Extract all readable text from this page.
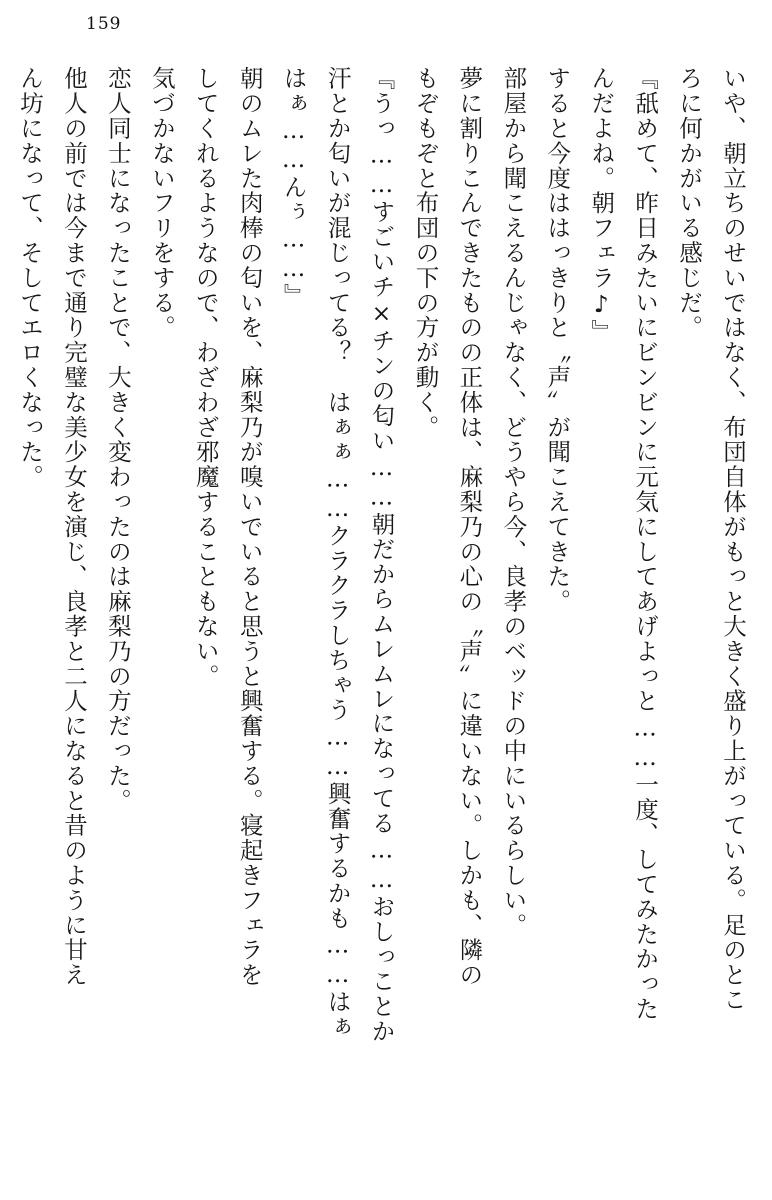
159

いや、朝立ちのせいではなく、布団自体がもっと大きく盛り上がっている。足のとこ

ろに何かがいる感じだ。

『舐めて、昨日みたいにビンビンに元気にしてあげよっと……一度、してみたかった

んだよね。朝フェラ♪』

すると今度ははっきりと〝声〟が聞こえてきた。

部屋から聞こえるんじゃなく、どうやら今、良孝のベッドの中にいるらしい。

夢に割りこんできたものの正体は、麻梨乃の心の〝声〟に違いない。しかも、隣の

もぞもぞと布団の下の方が動く。

『うっ……すごいチ×チンの匂い……朝だからムレムレになってる……おしっことか

汗とか匂いが混じってる？　はぁぁ……クラクラしちゃう……興奮するかも……はぁ

はぁ……んぅ……』

朝のムレた肉棒の匂いを、麻梨乃が嗅いでいると思うと興奮する。寝起きフェラを

してくれるようなので、わざわざ邪魔することもない。

気づかないフリをする。

恋人同士になったことで、大きく変わったのは麻梨乃の方だった。

他人の前では今まで通り完璧な美少女を演じ、良孝と二人になると昔のように甘え

ん坊になって、そしてエロくなった。
